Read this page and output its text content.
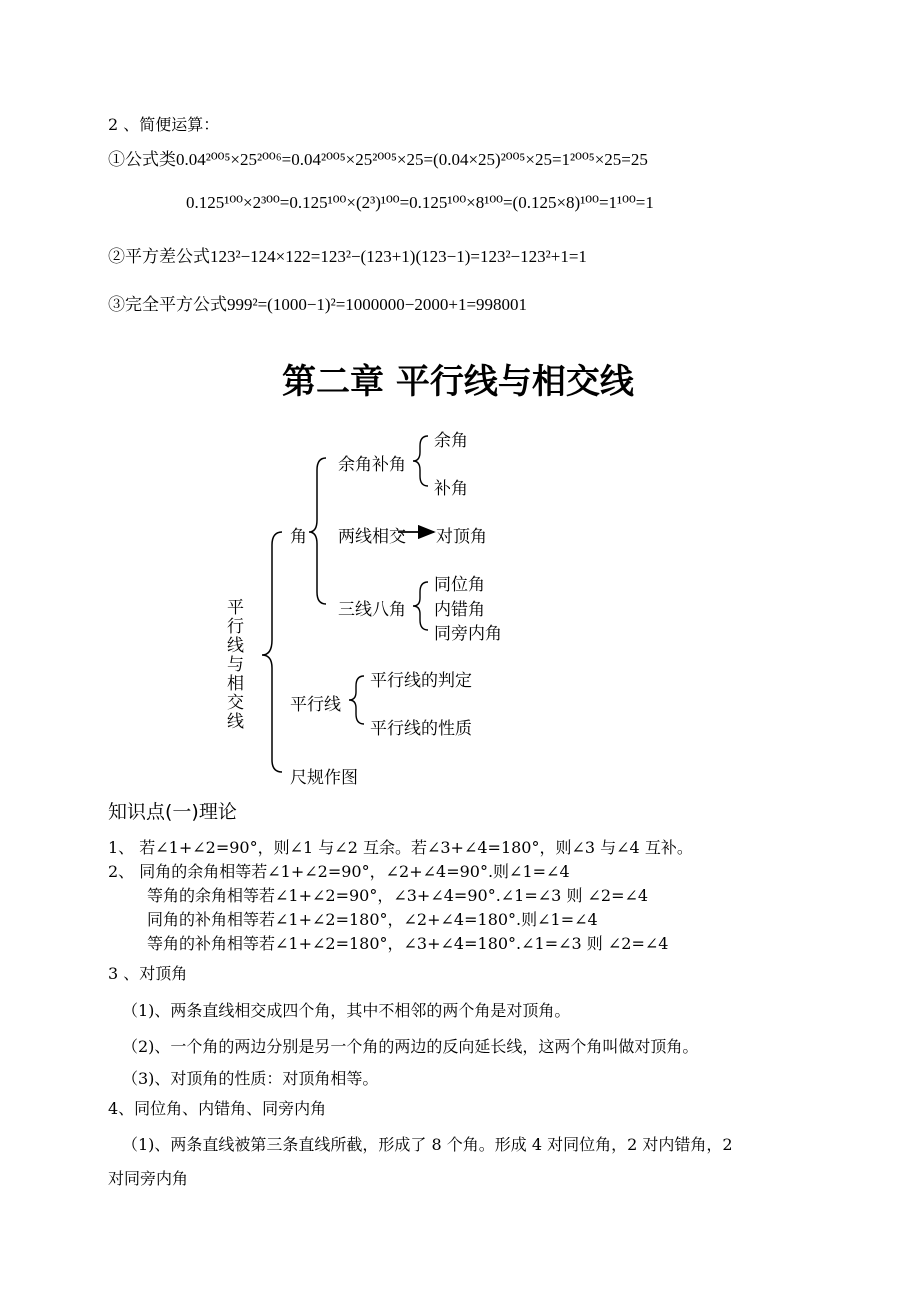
2 、简便运算：
①公式类0.04²⁰⁰⁵×25²⁰⁰⁶=0.04²⁰⁰⁵×25²⁰⁰⁵×25=(0.04×25)²⁰⁰⁵×25=1²⁰⁰⁵×25=25
0.125¹⁰⁰×2³⁰⁰=0.125¹⁰⁰×(2³)¹⁰⁰=0.125¹⁰⁰×8¹⁰⁰=(0.125×8)¹⁰⁰=1¹⁰⁰=1
②平方差公式123²−124×122=123²−(123+1)(123−1)=123²−123²+1=1
③完全平方公式999²=(1000−1)²=1000000−2000+1=998001
第二章 平行线与相交线
平行线与相交线
角
余角补角
余角
补角
两线相交 对顶角
三线八角
同位角
内错角
同旁内角
平行线
平行线的判定
平行线的性质
尺规作图
知识点(一)理论
1、 若∠1+∠2=90°，则∠1 与∠2 互余。若∠3+∠4=180°，则∠3 与∠4 互补。
2、 同角的余角相等若∠1+∠2=90°，∠2+∠4=90°.则∠1=∠4
等角的余角相等若∠1+∠2=90°，∠3+∠4=90°.∠1=∠3 则 ∠2=∠4
同角的补角相等若∠1+∠2=180°，∠2+∠4=180°.则∠1=∠4
等角的补角相等若∠1+∠2=180°，∠3+∠4=180°.∠1=∠3 则 ∠2=∠4
3 、对顶角
（1)、两条直线相交成四个角，其中不相邻的两个角是对顶角。
（2)、一个角的两边分别是另一个角的两边的反向延长线，这两个角叫做对顶角。
（3)、对顶角的性质：对顶角相等。
4、同位角、内错角、同旁内角
（1)、两条直线被第三条直线所截，形成了 8 个角。形成 4 对同位角，2 对内错角，2
对同旁内角
